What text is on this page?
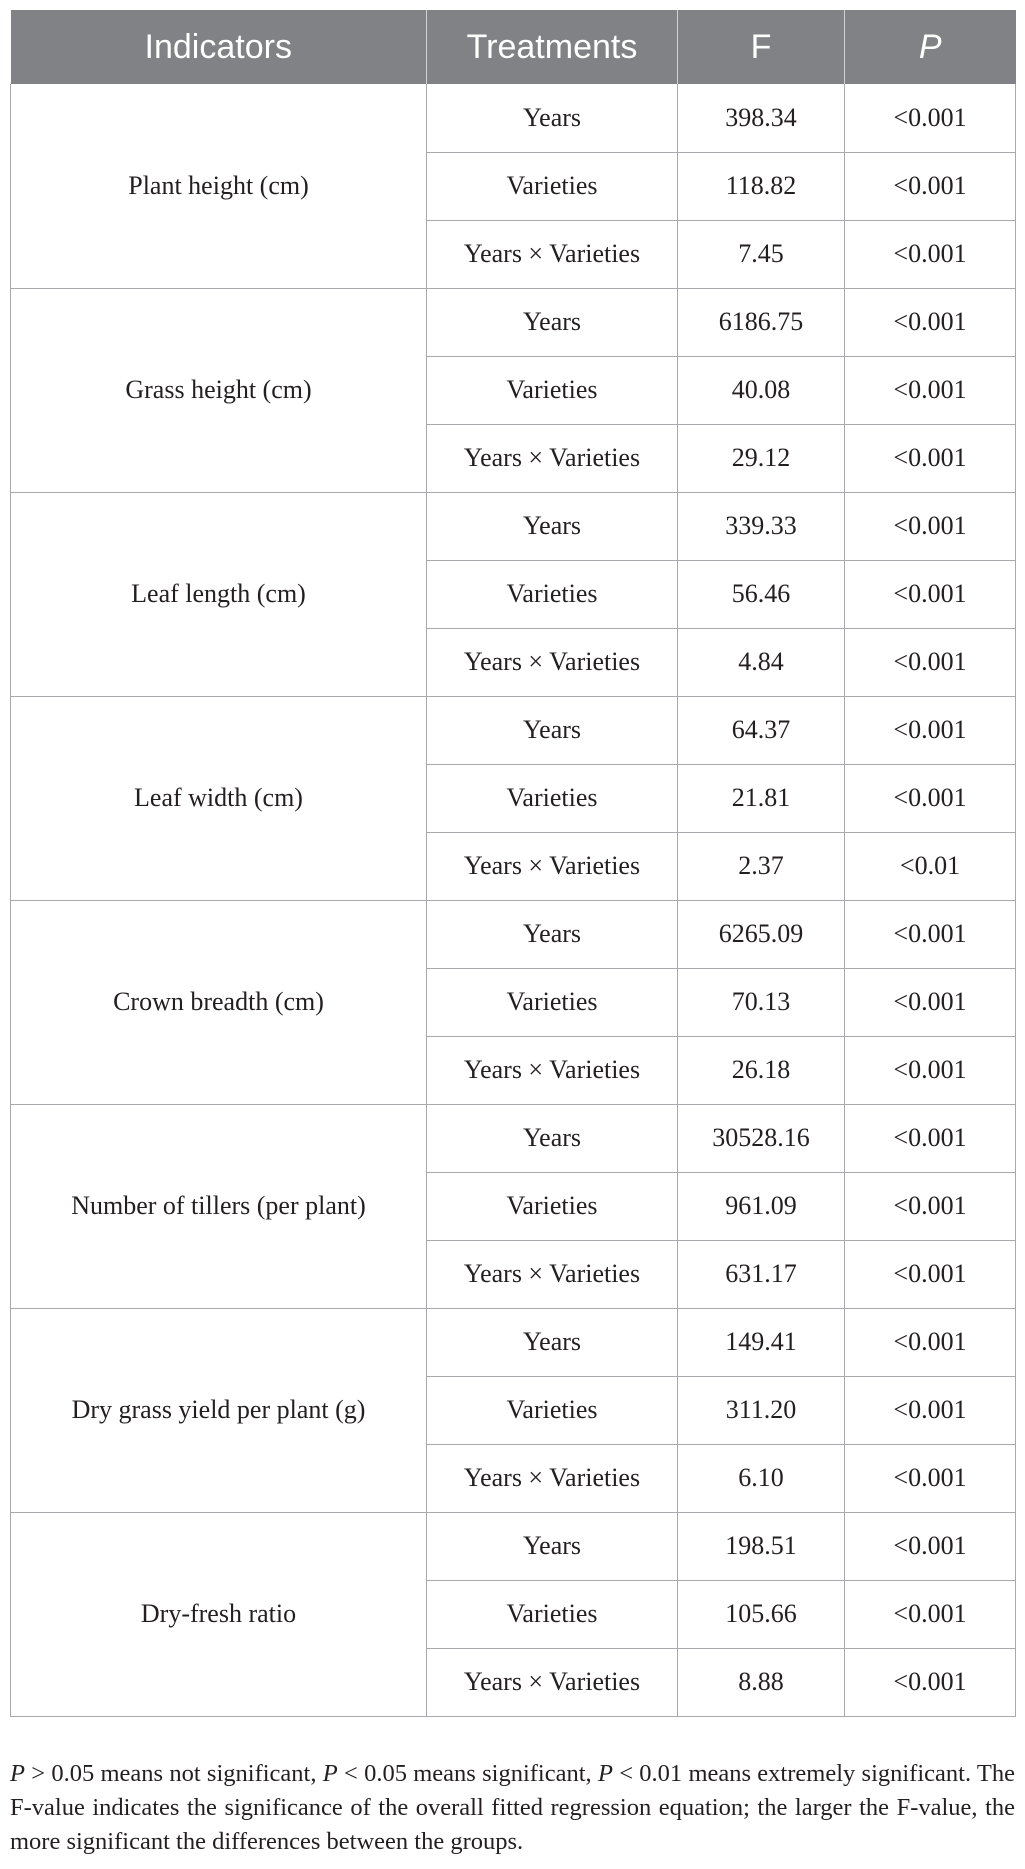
Indicators	Treatments	F	P
Plant height (cm)	Years	398.34	<0.001
	Varieties	118.82	<0.001
	Years × Varieties	7.45	<0.001
Grass height (cm)	Years	6186.75	<0.001
	Varieties	40.08	<0.001
	Years × Varieties	29.12	<0.001
Leaf length (cm)	Years	339.33	<0.001
	Varieties	56.46	<0.001
	Years × Varieties	4.84	<0.001
Leaf width (cm)	Years	64.37	<0.001
	Varieties	21.81	<0.001
	Years × Varieties	2.37	<0.01
Crown breadth (cm)	Years	6265.09	<0.001
	Varieties	70.13	<0.001
	Years × Varieties	26.18	<0.001
Number of tillers (per plant)	Years	30528.16	<0.001
	Varieties	961.09	<0.001
	Years × Varieties	631.17	<0.001
Dry grass yield per plant (g)	Years	149.41	<0.001
	Varieties	311.20	<0.001
	Years × Varieties	6.10	<0.001
Dry-fresh ratio	Years	198.51	<0.001
	Varieties	105.66	<0.001
	Years × Varieties	8.88	<0.001
P > 0.05 means not significant, P < 0.05 means significant, P < 0.01 means extremely significant. The F-value indicates the significance of the overall fitted regression equation; the larger the F-value, the more significant the differences between the groups.
